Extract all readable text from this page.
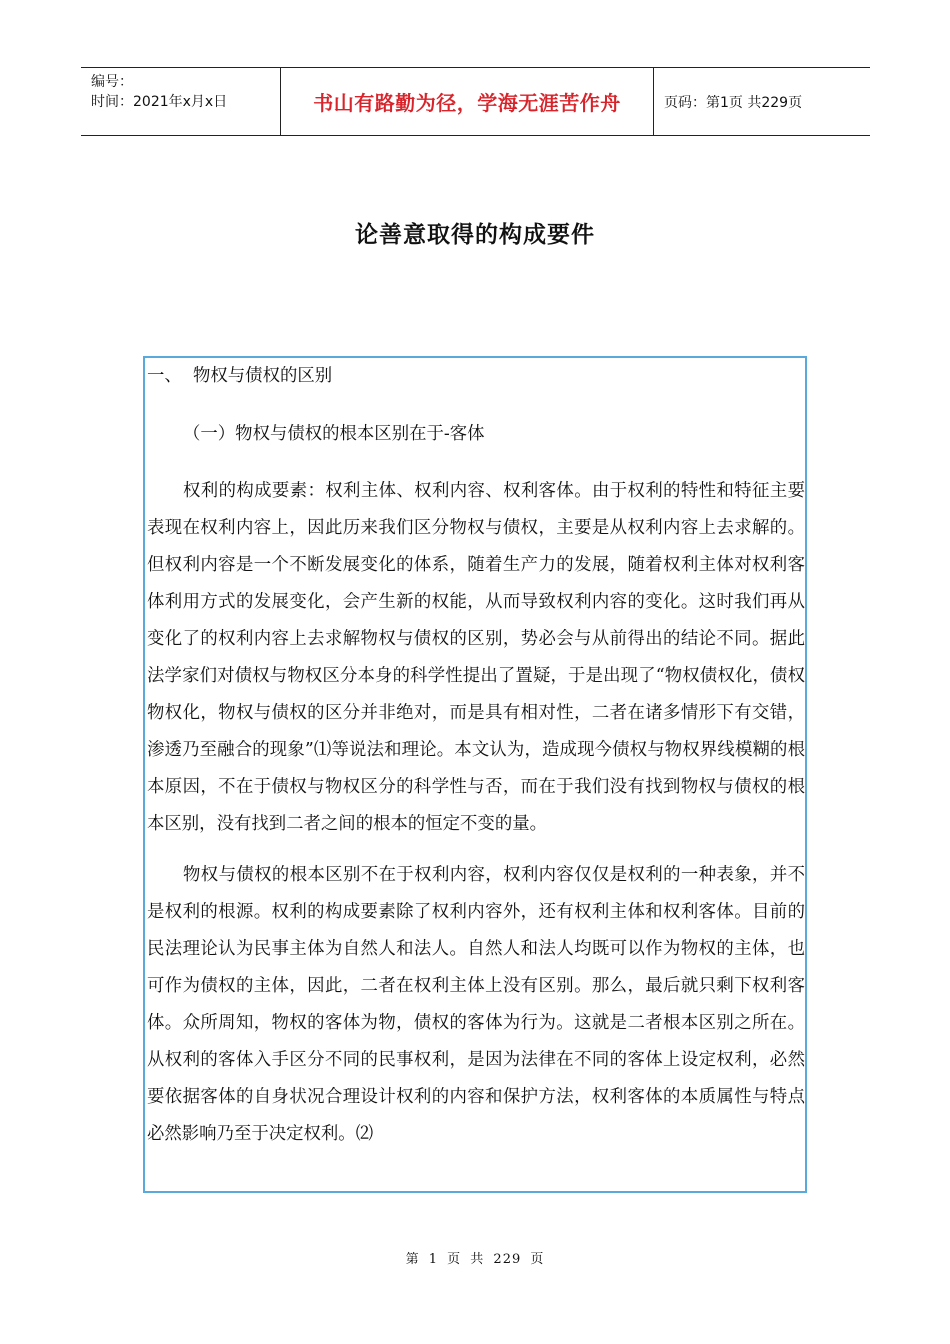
编号：
时间：2021年x月x日	书山有路勤为径，学海无涯苦作舟	页码：第1页 共229页
论善意取得的构成要件
一、 物权与债权的区别
（一）物权与债权的根本区别在于-客体

权利的构成要素：权利主体、权利内容、权利客体。由于权利的特性和特征主要表现在权利内容上，因此历来我们区分物权与债权，主要是从权利内容上去求解的。但权利内容是一个不断发展变化的体系，随着生产力的发展，随着权利主体对权利客体利用方式的发展变化，会产生新的权能，从而导致权利内容的变化。这时我们再从变化了的权利内容上去求解物权与债权的区别，势必会与从前得出的结论不同。据此法学家们对债权与物权区分本身的科学性提出了置疑，于是出现了“物权债权化，债权物权化，物权与债权的区分并非绝对，而是具有相对性，二者在诸多情形下有交错，渗透乃至融合的现象”⑴等说法和理论。本文认为，造成现今债权与物权界线模糊的根本原因，不在于债权与物权区分的科学性与否，而在于我们没有找到物权与债权的根本区别，没有找到二者之间的根本的恒定不变的量。

物权与债权的根本区别不在于权利内容，权利内容仅仅是权利的一种表象，并不是权利的根源。权利的构成要素除了权利内容外，还有权利主体和权利客体。目前的民法理论认为民事主体为自然人和法人。自然人和法人均既可以作为物权的主体，也可作为债权的主体，因此，二者在权利主体上没有区别。那么，最后就只剩下权利客体。众所周知，物权的客体为物，债权的客体为行为。这就是二者根本区别之所在。从权利的客体入手区分不同的民事权利，是因为法律在不同的客体上设定权利，必然要依据客体的自身状况合理设计权利的内容和保护方法，权利客体的本质属性与特点必然影响乃至于决定权利。⑵

第 1 页 共 229 页
